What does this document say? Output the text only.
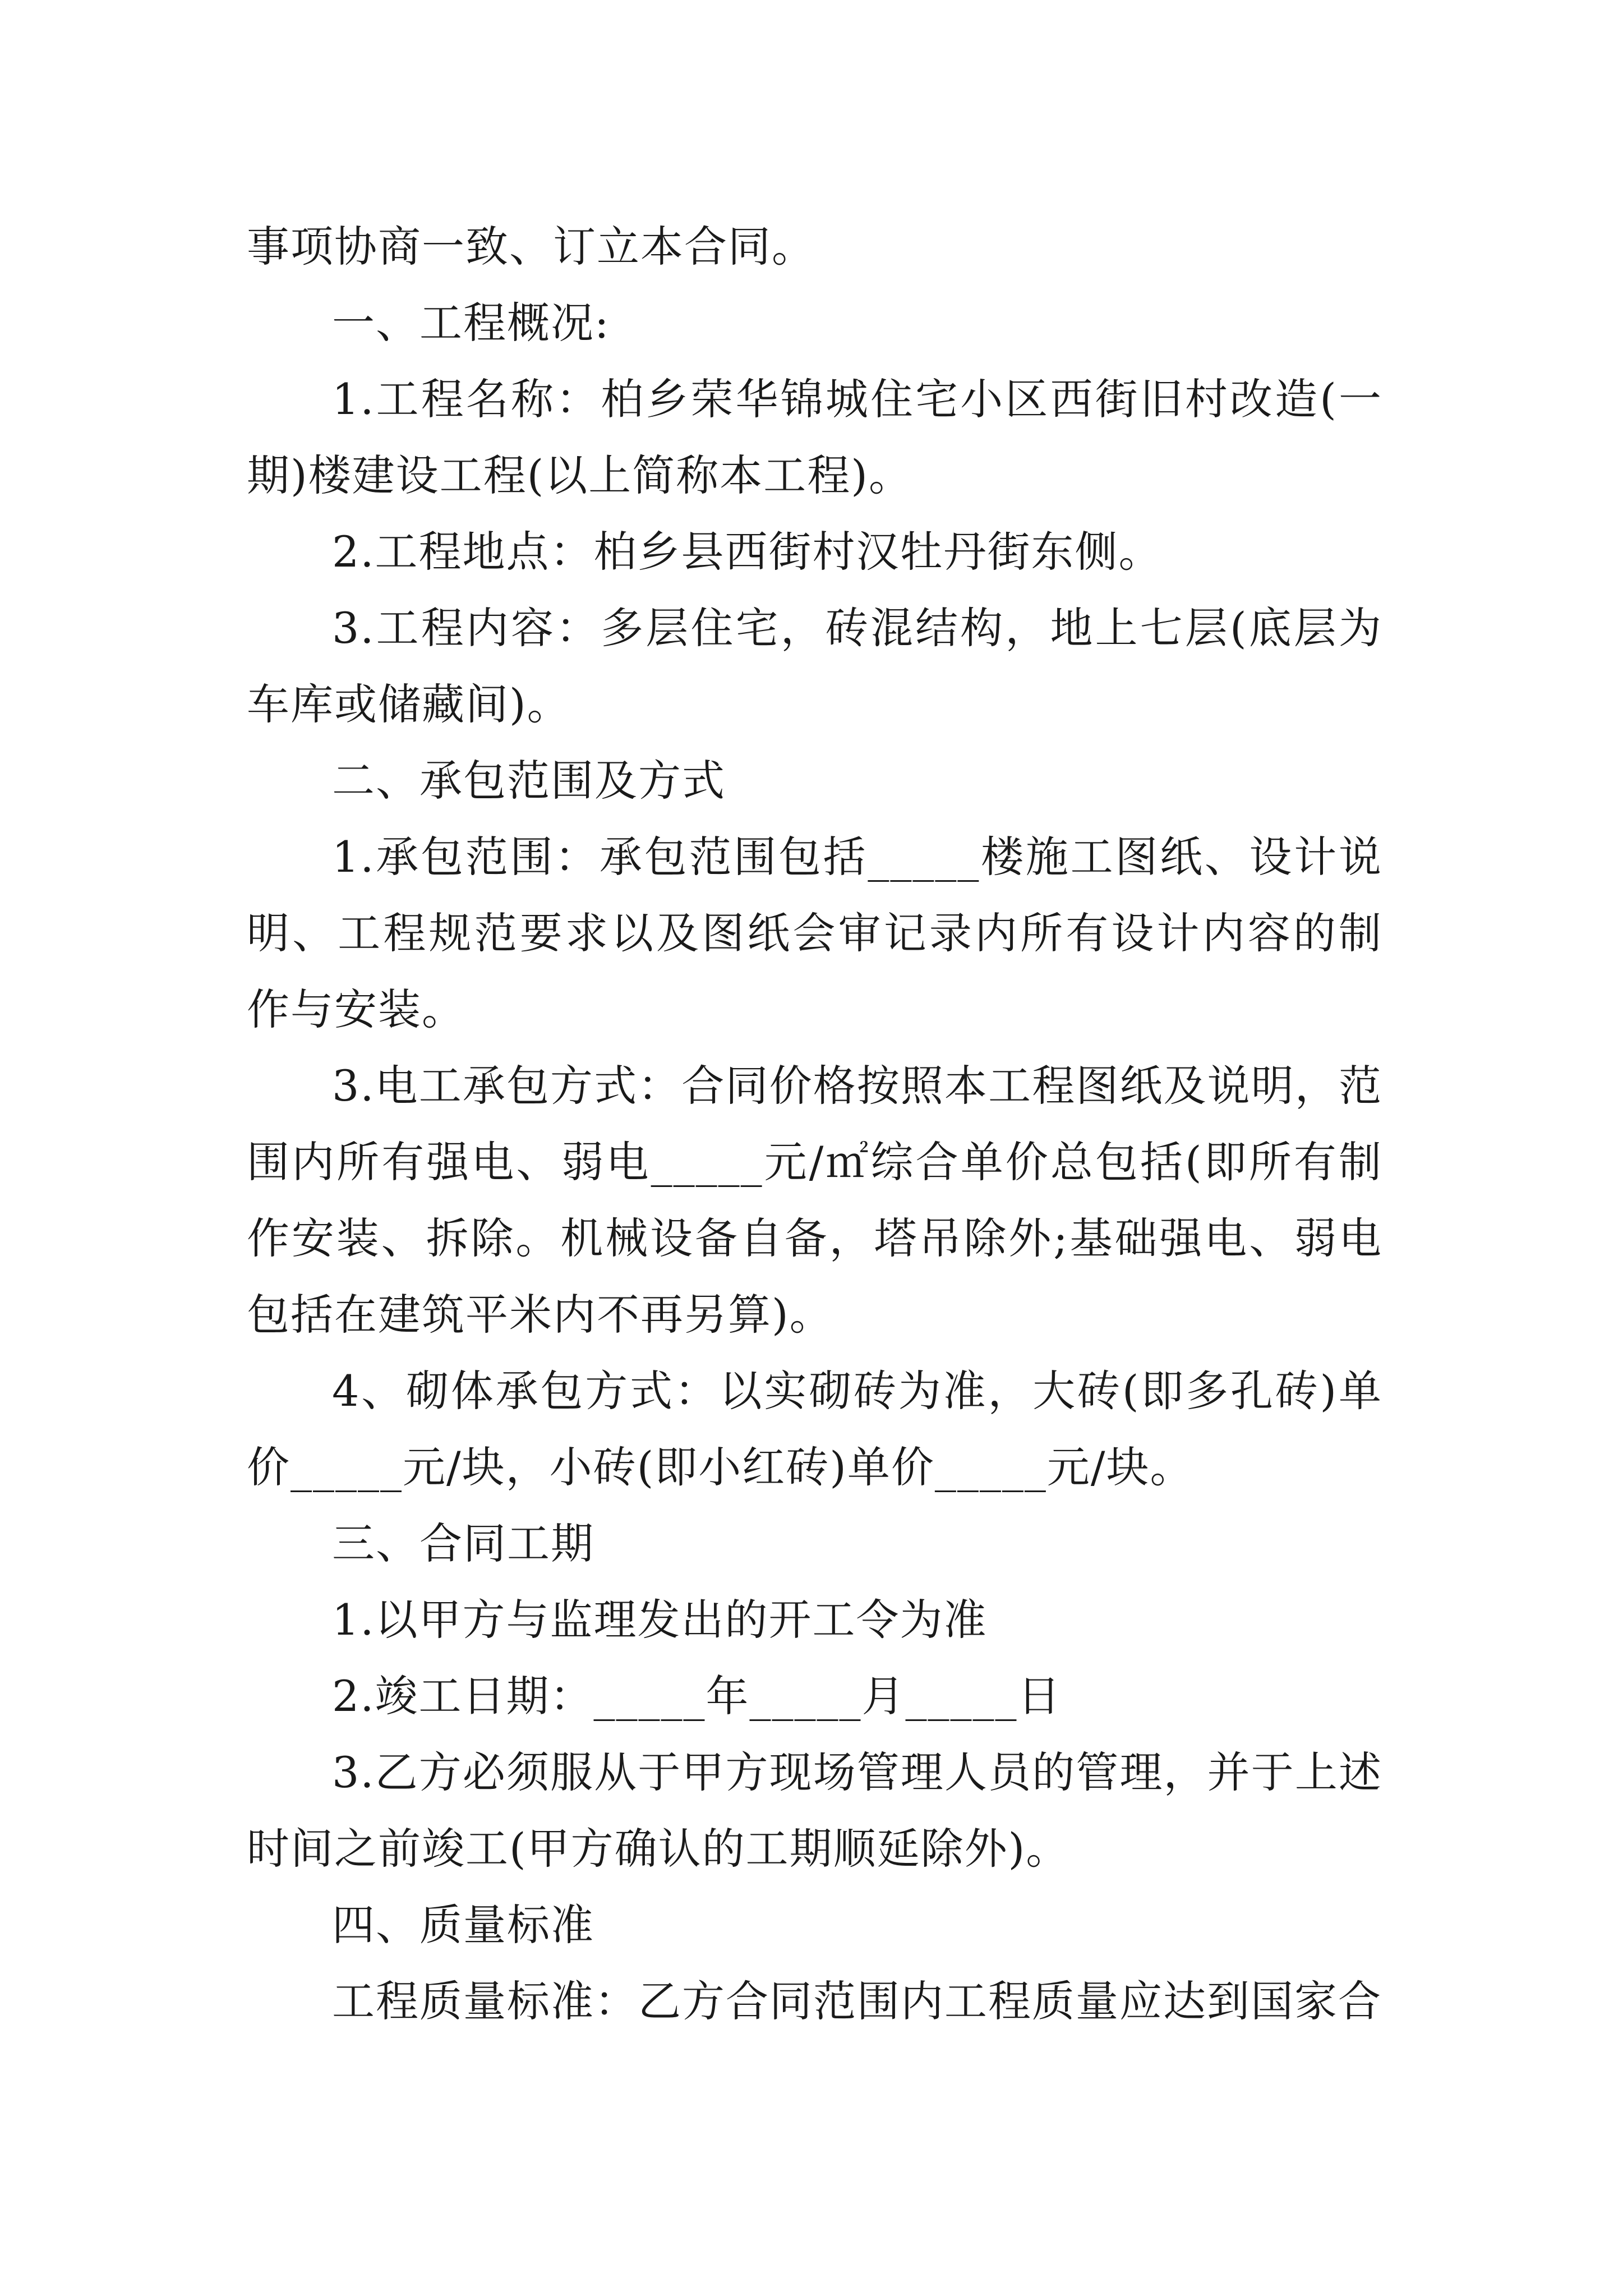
事项协商一致、订立本合同。

一、工程概况:

1.工程名称：柏乡荣华锦城住宅小区西街旧村改造(一期)楼建设工程(以上简称本工程)。

2.工程地点：柏乡县西街村汉牡丹街东侧。

3.工程内容：多层住宅，砖混结构，地上七层(底层为车库或储藏间)。

二、承包范围及方式

1.承包范围：承包范围包括_____楼施工图纸、设计说明、工程规范要求以及图纸会审记录内所有设计内容的制作与安装。

3.电工承包方式：合同价格按照本工程图纸及说明，范围内所有强电、弱电_____元/㎡综合单价总包括(即所有制作安装、拆除。机械设备自备，塔吊除外;基础强电、弱电包括在建筑平米内不再另算)。

4、砌体承包方式：以实砌砖为准，大砖(即多孔砖)单价_____元/块，小砖(即小红砖)单价_____元/块。

三、合同工期

1.以甲方与监理发出的开工令为准

2.竣工日期：_____年_____月_____日

3.乙方必须服从于甲方现场管理人员的管理，并于上述时间之前竣工(甲方确认的工期顺延除外)。

四、质量标准

工程质量标准：乙方合同范围内工程质量应达到国家合
